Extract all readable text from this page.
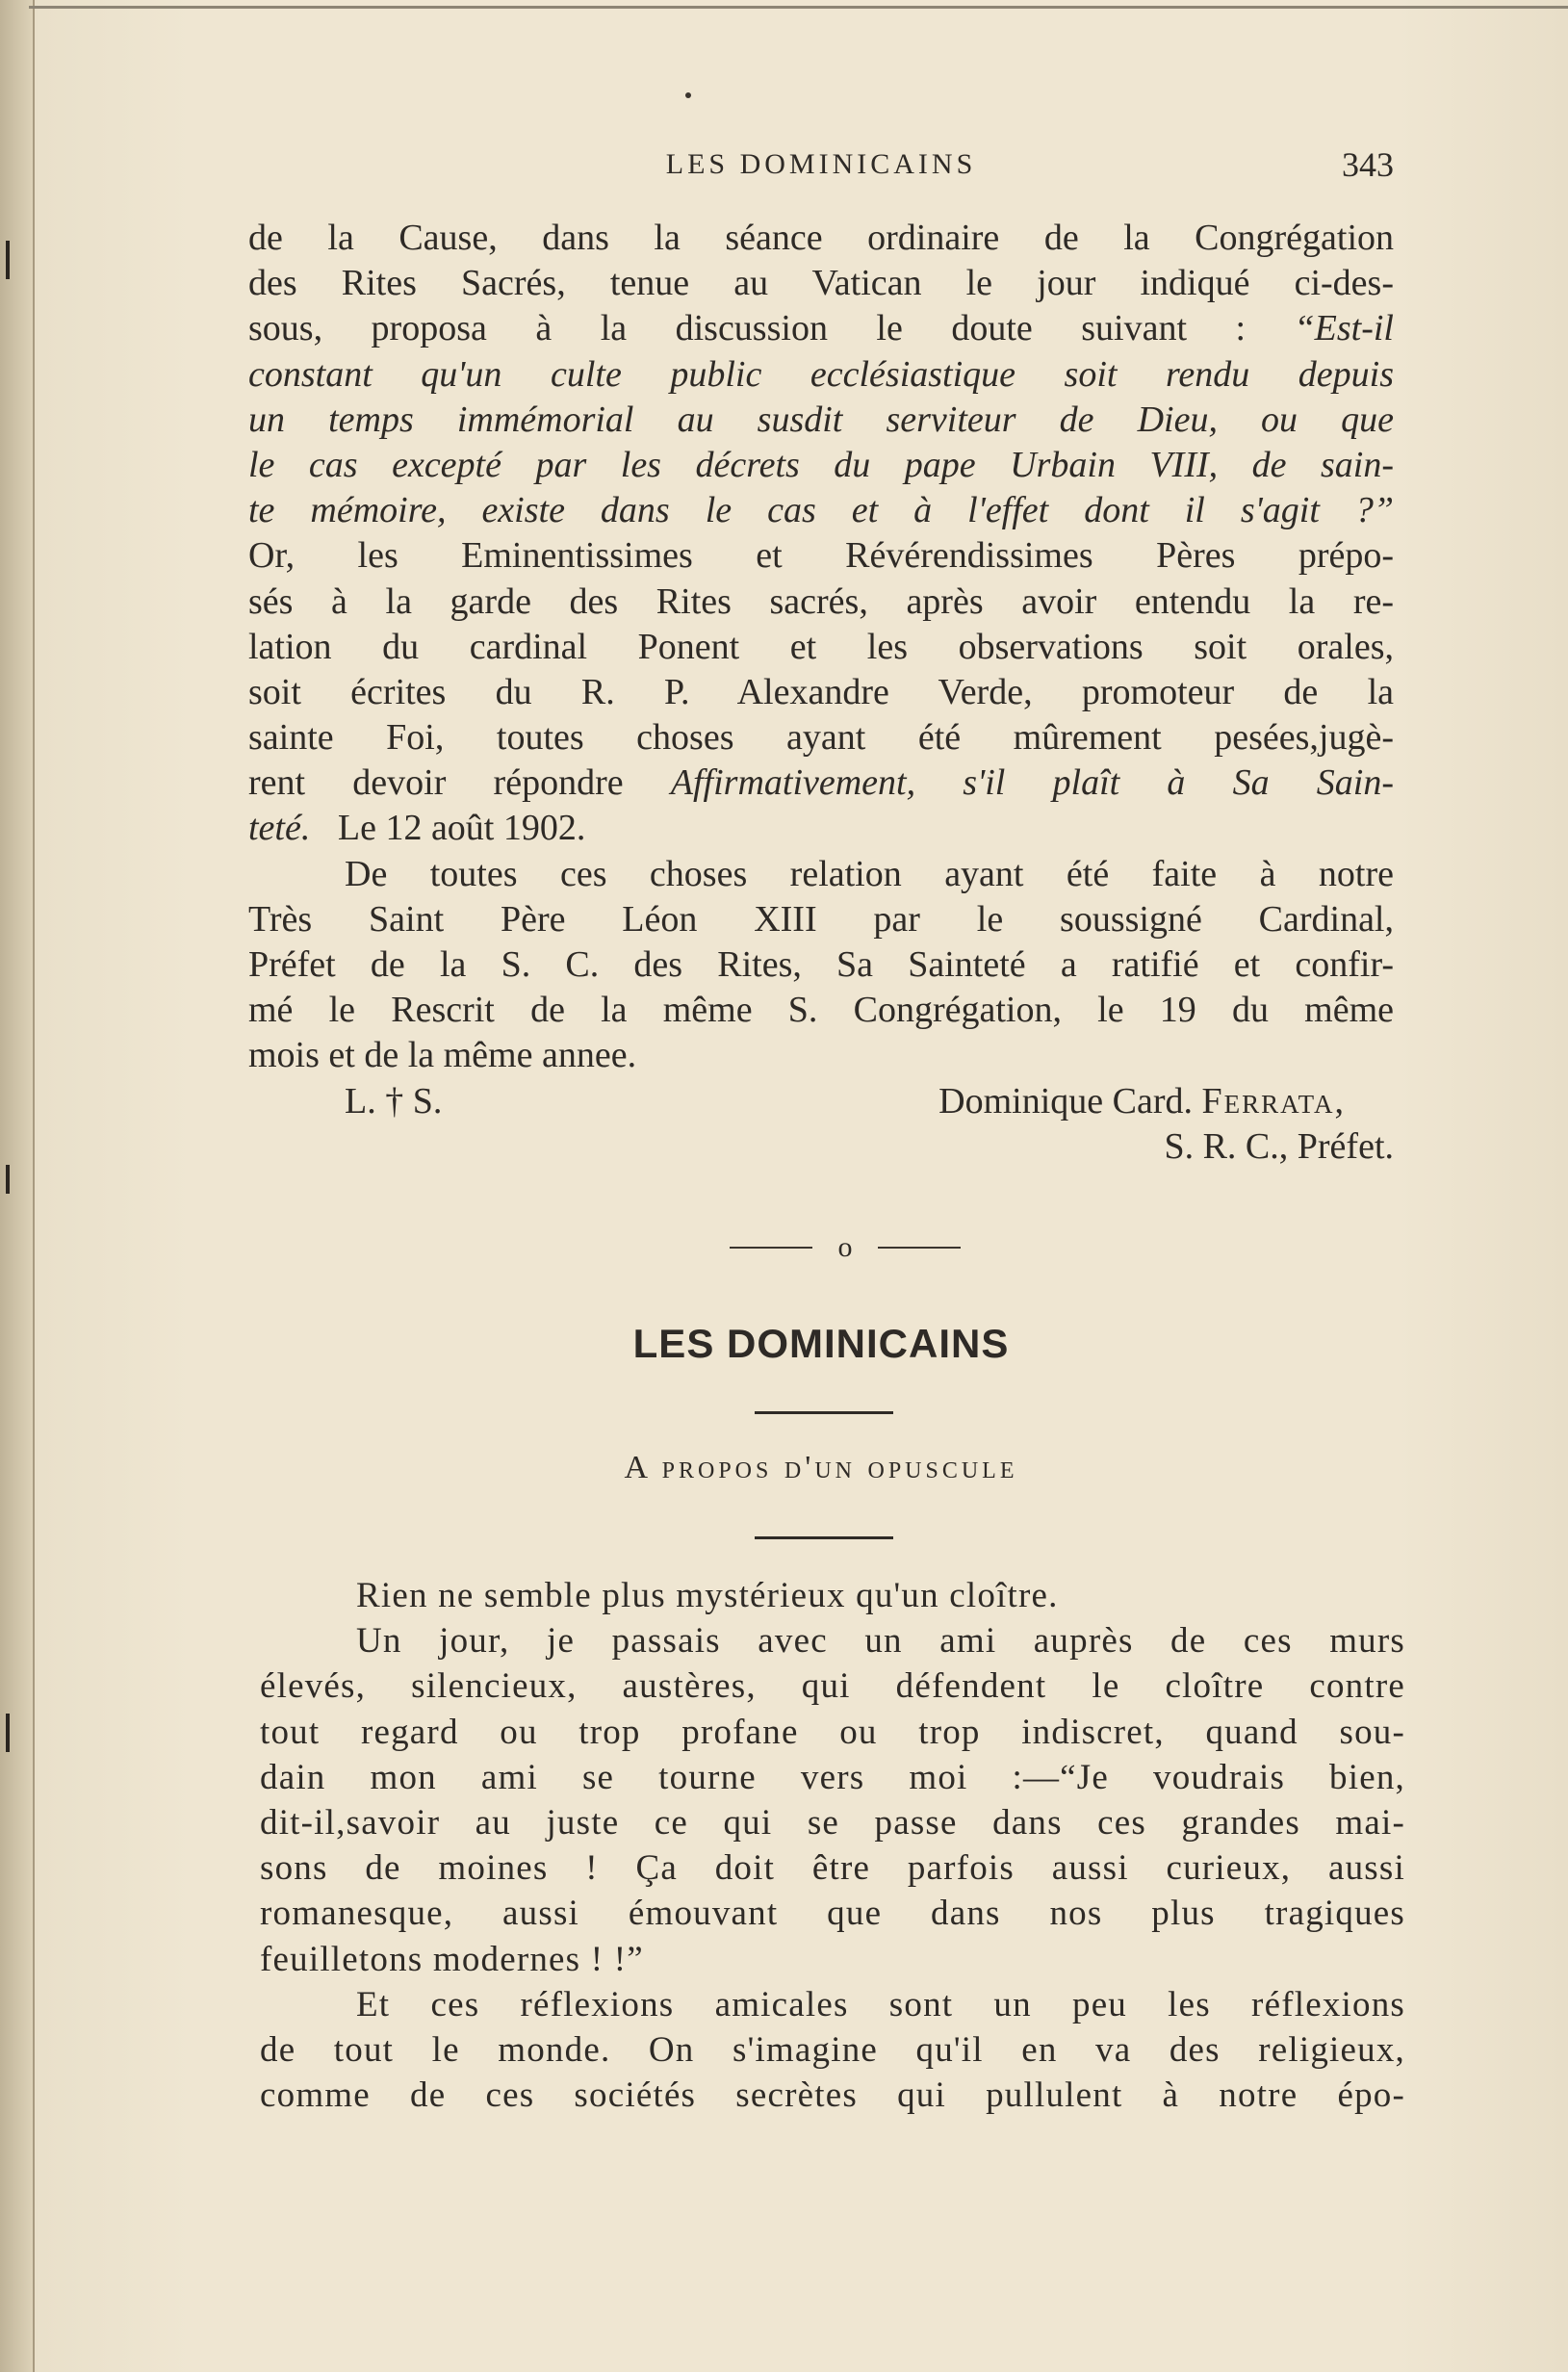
LES DOMINICAINS	343
de la Cause, dans la séance ordinaire de la Congrégation
des Rites Sacrés, tenue au Vatican le jour indiqué ci-des-
sous, proposa à la discussion le doute suivant : “Est-il
constant qu'un culte public ecclésiastique soit rendu depuis
un temps immémorial au susdit serviteur de Dieu, ou que
le cas excepté par les décrets du pape Urbain VIII, de sain-
te mémoire, existe dans le cas et à l'effet dont il s'agit ?”
Or, les Eminentissimes et Révérendissimes Pères prépo-
sés à la garde des Rites sacrés, après avoir entendu la re-
lation du cardinal Ponent et les observations soit orales,
soit écrites du R. P. Alexandre Verde, promoteur de la
sainte Foi, toutes choses ayant été mûrement pesées,jugè-
rent devoir répondre Affirmativement, s'il plaît à Sa Sain-
teté.   Le 12 août 1902.
De toutes ces choses relation ayant été faite à notre
Très Saint Père Léon XIII par le soussigné Cardinal,
Préfet de la S. C. des Rites, Sa Sainteté a ratifié et confir-
mé le Rescrit de la même S. Congrégation, le 19 du même
mois et de la même annee.
L. † S.	Dominique Card. Ferrata,
S. R. C., Préfet.
o
LES DOMINICAINS
A propos d'un opuscule
Rien ne semble plus mystérieux qu'un cloître.
Un jour, je passais avec un ami auprès de ces murs
élevés, silencieux, austères, qui défendent le cloître contre
tout regard ou trop profane ou trop indiscret, quand sou-
dain mon ami se tourne vers moi :—“Je voudrais bien,
dit-il,savoir au juste ce qui se passe dans ces grandes mai-
sons de moines ! Ça doit être parfois aussi curieux, aussi
romanesque, aussi émouvant que dans nos plus tragiques
feuilletons modernes ! !”
Et ces réflexions amicales sont un peu les réflexions
de tout le monde. On s'imagine qu'il en va des religieux,
comme de ces sociétés secrètes qui pullulent à notre épo-
